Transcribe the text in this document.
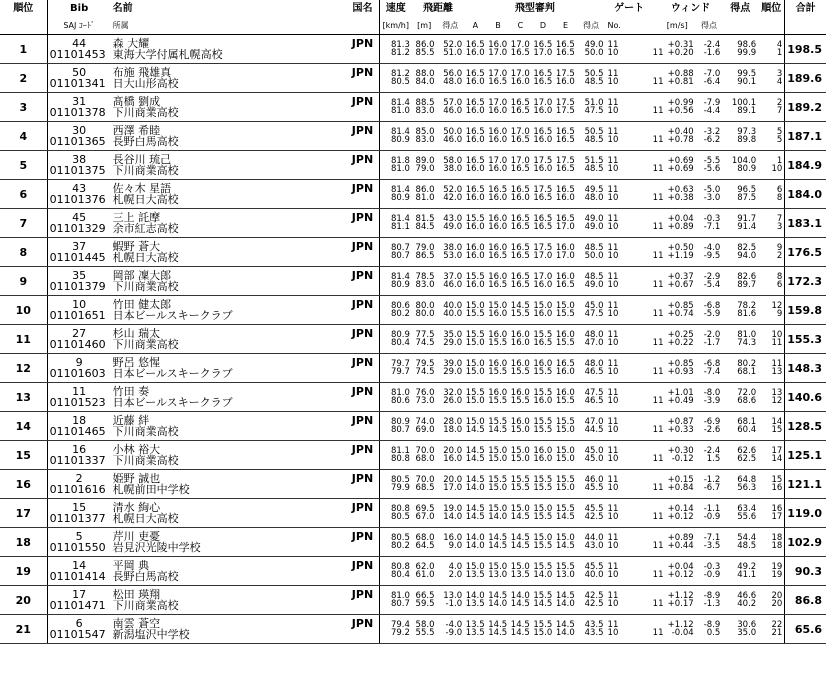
順位	Bib	名前	国名	速度	飛距離		飛型審判						ゲート		ウィンド		得点	順位	合計
	SAJ ｺｰﾄﾞ	所属		[km/h]	[m]	得点	A	B	C	D	E	得点	No.		[m/s]	得点			
1	44	森 大耀	JPN	81.3	86.0	52.0	16.5	16.0	17.0	16.5	16.5	49.0	11		+0.31	-2.4	98.6	4	198.5
	01101453	東海大学付属札幌高校		81.2	85.5	51.0	16.0	17.0	16.5	17.0	16.5	50.0	10	11	+0.20	-1.6	99.9	1	
2	50	布施 飛雄真	JPN	81.2	88.0	56.0	16.5	17.0	17.0	16.5	17.5	50.5	11		+0.88	-7.0	99.5	3	189.6
	01101341	日大山形高校		80.5	84.0	48.0	16.0	16.5	16.0	16.5	16.0	48.5	10	11	+0.81	-6.4	90.1	4	
3	31	髙橋 劉成	JPN	81.4	88.5	57.0	16.5	17.0	16.5	17.0	17.5	51.0	11		+0.99	-7.9	100.1	2	189.2
	01101378	下川商業高校		81.0	83.0	46.0	16.0	16.0	16.5	16.0	17.5	47.5	10	11	+0.56	-4.4	89.1	7	
4	30	西澤 希睦	JPN	81.4	85.0	50.0	16.5	16.0	17.0	16.5	16.5	50.5	11		+0.40	-3.2	97.3	5	187.1
	01101365	長野白馬高校		80.9	83.0	46.0	16.0	16.0	16.5	16.0	16.5	48.5	10	11	+0.78	-6.2	89.8	5	
5	38	長谷川 琉己	JPN	81.8	89.0	58.0	16.5	17.0	17.0	17.5	17.5	51.5	11		+0.69	-5.5	104.0	1	184.9
	01101375	下川商業高校		81.0	79.0	38.0	16.0	16.0	16.5	16.0	16.5	48.5	10	11	+0.69	-5.6	80.9	10	
6	43	佐々木 星語	JPN	81.4	86.0	52.0	16.5	16.5	16.5	17.5	16.5	49.5	11		+0.63	-5.0	96.5	6	184.0
	01101376	札幌日大高校		80.9	81.0	42.0	16.0	16.0	16.0	16.5	16.0	48.0	10	11	+0.38	-3.0	87.5	8	
7	45	三上 託摩	JPN	81.4	81.5	43.0	15.5	16.0	16.5	16.5	16.5	49.0	11		+0.04	-0.3	91.7	7	183.1
	01101329	余市紅志高校		81.1	84.5	49.0	16.0	16.0	16.5	16.5	17.0	49.0	10	11	+0.89	-7.1	91.4	3	
8	37	蝦野 蒼大	JPN	80.7	79.0	38.0	16.0	16.0	16.5	17.5	16.0	48.5	11		+0.50	-4.0	82.5	9	176.5
	01101445	札幌日大高校		80.7	86.5	53.0	16.0	16.5	16.5	17.0	17.0	50.0	10	11	+1.19	-9.5	94.0	2	
9	35	岡部 凜大郎	JPN	81.4	78.5	37.0	15.5	16.0	16.5	17.0	16.0	48.5	11		+0.37	-2.9	82.6	8	172.3
	01101379	下川商業高校		80.9	83.0	46.0	16.0	16.5	16.5	16.0	16.5	49.0	10	11	+0.67	-5.4	89.7	6	
10	10	竹田 健太郎	JPN	80.6	80.0	40.0	15.0	15.0	14.5	15.0	15.0	45.0	11		+0.85	-6.8	78.2	12	159.8
	01101651	日本ビールスキークラブ		80.2	80.0	40.0	15.5	16.0	15.5	16.0	15.5	47.5	10	11	+0.74	-5.9	81.6	9	
11	27	杉山 瑞太	JPN	80.9	77.5	35.0	15.5	16.0	16.0	15.5	16.0	48.0	11		+0.25	-2.0	81.0	10	155.3
	01101460	下川商業高校		80.4	74.5	29.0	15.0	15.5	16.0	16.5	15.5	47.0	10	11	+0.22	-1.7	74.3	11	
12	9	野呂 悠惺	JPN	79.7	79.5	39.0	15.0	16.0	16.0	16.0	16.5	48.0	11		+0.85	-6.8	80.2	11	148.3
	01101603	日本ビールスキークラブ		79.7	74.5	29.0	15.0	15.5	15.5	15.5	16.0	46.5	10	11	+0.93	-7.4	68.1	13	
13	11	竹田 奏	JPN	81.0	76.0	32.0	15.5	16.0	16.0	15.5	16.0	47.5	11		+1.01	-8.0	72.0	13	140.6
	01101523	日本ビールスキークラブ		80.6	73.0	26.0	15.0	15.5	15.5	16.0	15.5	46.5	10	11	+0.49	-3.9	68.6	12	
14	18	近藤 絆	JPN	80.9	74.0	28.0	15.0	15.5	16.0	15.5	15.5	47.0	11		+0.87	-6.9	68.1	14	128.5
	01101465	下川商業高校		80.7	69.0	18.0	14.5	14.5	15.0	15.5	15.0	44.5	10	11	+0.33	-2.6	60.4	15	
15	16	小林 裕大	JPN	81.1	70.0	20.0	14.5	15.0	15.0	16.0	15.0	45.0	11		+0.30	-2.4	62.6	17	125.1
	01101337	下川商業高校		80.8	68.0	16.0	14.5	15.0	15.0	16.0	15.0	45.0	10	11	-0.12	1.5	62.5	14	
16	2	姫野 誠也	JPN	80.5	70.0	20.0	14.5	15.5	15.5	15.5	15.5	46.0	11		+0.15	-1.2	64.8	15	121.1
	01101616	札幌前田中学校		79.9	68.5	17.0	14.0	15.0	15.5	15.5	15.0	45.5	10	11	+0.84	-6.7	56.3	16	
17	15	清水 絢心	JPN	80.8	69.5	19.0	14.5	15.0	15.0	15.0	15.5	45.5	11		+0.14	-1.1	63.4	16	119.0
	01101377	札幌日大高校		80.5	67.0	14.0	14.5	14.0	14.5	15.5	14.5	42.5	10	11	+0.12	-0.9	55.6	17	
18	5	芹川 吏憂	JPN	80.5	68.0	16.0	14.0	14.5	14.5	15.0	15.0	44.0	11		+0.89	-7.1	54.4	18	102.9
	01101550	岩見沢光陵中学校		80.2	64.5	9.0	14.0	14.5	14.5	15.5	14.5	43.0	10	11	+0.44	-3.5	48.5	18	
19	14	平岡 典	JPN	80.8	62.0	4.0	15.0	15.0	15.0	15.5	15.5	45.5	11		+0.04	-0.3	49.2	19	90.3
	01101414	長野白馬高校		80.4	61.0	2.0	13.5	13.0	13.5	14.0	13.0	40.0	10	11	+0.12	-0.9	41.1	19	
20	17	松田 瑛翔	JPN	81.0	66.5	13.0	14.0	14.5	14.0	15.5	14.5	42.5	11		+1.12	-8.9	46.6	20	86.8
	01101471	下川商業高校		80.7	59.5	-1.0	13.5	14.0	14.5	14.5	14.0	42.5	10	11	+0.17	-1.3	40.2	20	
21	6	南雲 蒼空	JPN	79.4	58.0	-4.0	13.5	14.5	14.5	15.5	14.5	43.5	11		+1.12	-8.9	30.6	22	65.6
	01101547	新潟塩沢中学校		79.2	55.5	-9.0	13.5	14.5	14.5	15.0	14.0	43.5	10	11	-0.04	0.5	35.0	21	
